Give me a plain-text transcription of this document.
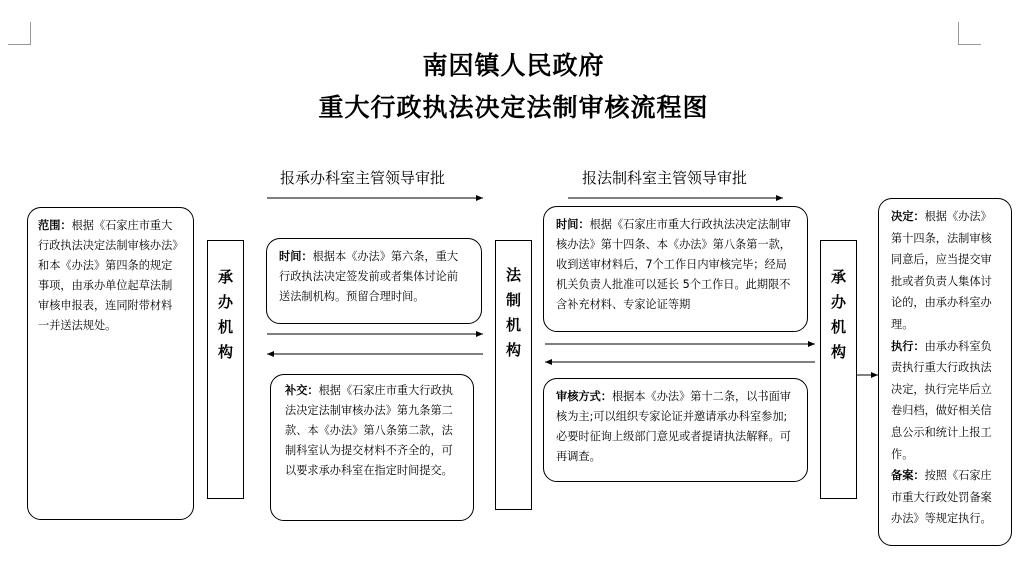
南因镇人民政府
重大行政执法决定法制审核流程图
报承办科室主管领导审批	报法制科室主管领导审批

范围：根据《石家庄市重大行政执法决定法制审核办法》和本《办法》第四条的规定事项，由承办单位起草法制审核申报表，连同附带材料一并送法规处。

承办机构

时间：根据本《办法》第六条，重大行政执法决定签发前或者集体讨论前送法制机构。预留合理时间。

补交：根据《石家庄市重大行政执法决定法制审核办法》第九条第二款、本《办法》第八条第二款，法制科室认为提交材料不齐全的，可以要求承办科室在指定时间提交。

法制机构

时间：根据《石家庄市重大行政执法决定法制审核办法》第十四条、本《办法》第八条第一款，收到送审材料后，7个工作日内审核完毕；经局机关负责人批准可以延长 5个工作日。此期限不含补充材料、专家论证等期

审核方式：根据本《办法》第十二条，以书面审核为主;可以组织专家论证并邀请承办科室参加;必要时征询上级部门意见或者提请执法解释。可再调查。

承办机构

决定：根据《办法》第十四条，法制审核同意后，应当提交审批或者负责人集体讨论的，由承办科室办理。

执行：由承办科室负责执行重大行政执法决定，执行完毕后立卷归档，做好相关信息公示和统计上报工作。

备案：按照《石家庄市重大行政处罚备案办法》等规定执行。
